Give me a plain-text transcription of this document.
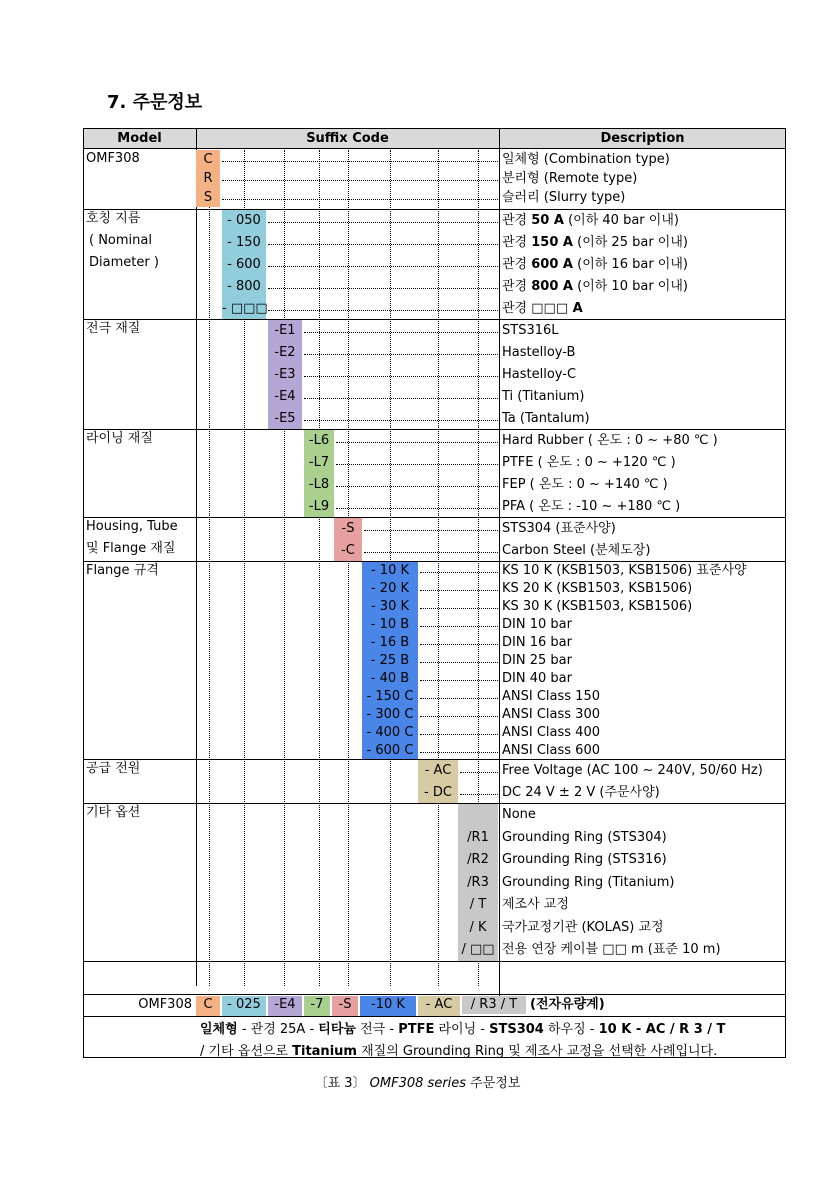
7. 주문정보
Model	Suffix Code	Description
OMF308	C	일체형 (Combination type)
R	분리형 (Remote type)
S	슬러리 (Slurry type)
호칭 지름
( Nominal
Diameter )
- 050	관경 50 A (이하 40 bar 이내)
- 150	관경 150 A (이하 25 bar 이내)
- 600	관경 600 A (이하 16 bar 이내)
- 800	관경 800 A (이하 10 bar 이내)
- □□□	관경 □□□ A
전극 재질	-E1	STS316L
-E2	Hastelloy-B
-E3	Hastelloy-C
-E4	Ti (Titanium)
-E5	Ta (Tantalum)
라이닝 재질	-L6	Hard Rubber ( 온도 : 0 ~ +80 ℃ )
-L7	PTFE ( 온도 : 0 ~ +120 ℃ )
-L8	FEP ( 온도 : 0 ~ +140 ℃ )
-L9	PFA ( 온도 : -10 ~ +180 ℃ )
Housing, Tube
및 Flange 재질
-S	STS304 (표준사양)
-C	Carbon Steel (분체도장)
Flange 규격	- 10 K	KS 10 K (KSB1503, KSB1506) 표준사양
- 20 K	KS 20 K (KSB1503, KSB1506)
- 30 K	KS 30 K (KSB1503, KSB1506)
- 10 B	DIN 10 bar
- 16 B	DIN 16 bar
- 25 B	DIN 25 bar
- 40 B	DIN 40 bar
- 150 C	ANSI Class 150
- 300 C	ANSI Class 300
- 400 C	ANSI Class 400
- 600 C	ANSI Class 600
공급 전원	- AC	Free Voltage (AC 100 ~ 240V, 50/60 Hz)
- DC	DC 24 V ± 2 V (주문사양)
기타 옵션	None
/R1	Grounding Ring (STS304)
/R2	Grounding Ring (STS316)
/R3	Grounding Ring (Titanium)
/ T	제조사 교정
/ K	국가교정기관 (KOLAS) 교정
/ □□ 전용 연장 케이블 □□ m (표준 10 m)
OMF308 C	- 025	-E4	-7	-S	-10 K	- AC	/ R3 / T (전자유량계)
일체형 - 관경 25A - 티타늄 전극 - PTFE 라이닝 - STS304 하우징 - 10 K - AC / R 3 / T
/ 기타 옵션으로 Titanium 재질의 Grounding Ring 및 제조사 교정을 선택한 사례입니다.
〔표 3〕 OMF308 series 주문정보
